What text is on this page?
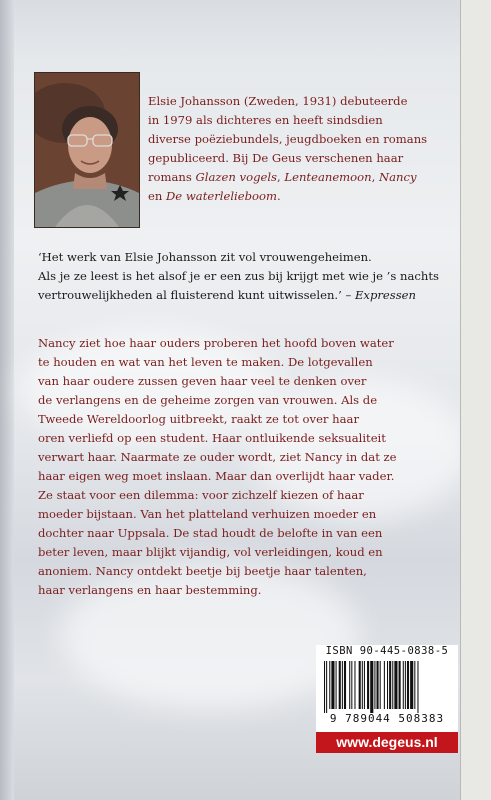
Elsie Johansson (Zweden, 1931) debuteerde
in 1979 als dichteres en heeft sindsdien
diverse poëziebundels, jeugdboeken en romans
gepubliceerd. Bij De Geus verschenen haar
romans Glazen vogels, Lenteanemoon, Nancy
en De waterlelieboom.
‘Het werk van Elsie Johansson zit vol vrouwengeheimen.
Als je ze leest is het alsof je er een zus bij krijgt met wie je ’s nachts
vertrouwelijkheden al fluisterend kunt uitwisselen.’ – Expressen
Nancy ziet hoe haar ouders proberen het hoofd boven water
te houden en wat van het leven te maken. De lotgevallen
van haar oudere zussen geven haar veel te denken over
de verlangens en de geheime zorgen van vrouwen. Als de
Tweede Wereldoorlog uitbreekt, raakt ze tot over haar
oren verliefd op een student. Haar ontluikende seksualiteit
verwart haar. Naarmate ze ouder wordt, ziet Nancy in dat ze
haar eigen weg moet inslaan. Maar dan overlijdt haar vader.
Ze staat voor een dilemma: voor zichzelf kiezen of haar
moeder bijstaan. Van het platteland verhuizen moeder en
dochter naar Uppsala. De stad houdt de belofte in van een
beter leven, maar blijkt vijandig, vol verleidingen, koud en
anoniem. Nancy ontdekt beetje bij beetje haar talenten,
haar verlangens en haar bestemming.
ISBN 90-445-0838-5
9 789044 508383
www.degeus.nl
